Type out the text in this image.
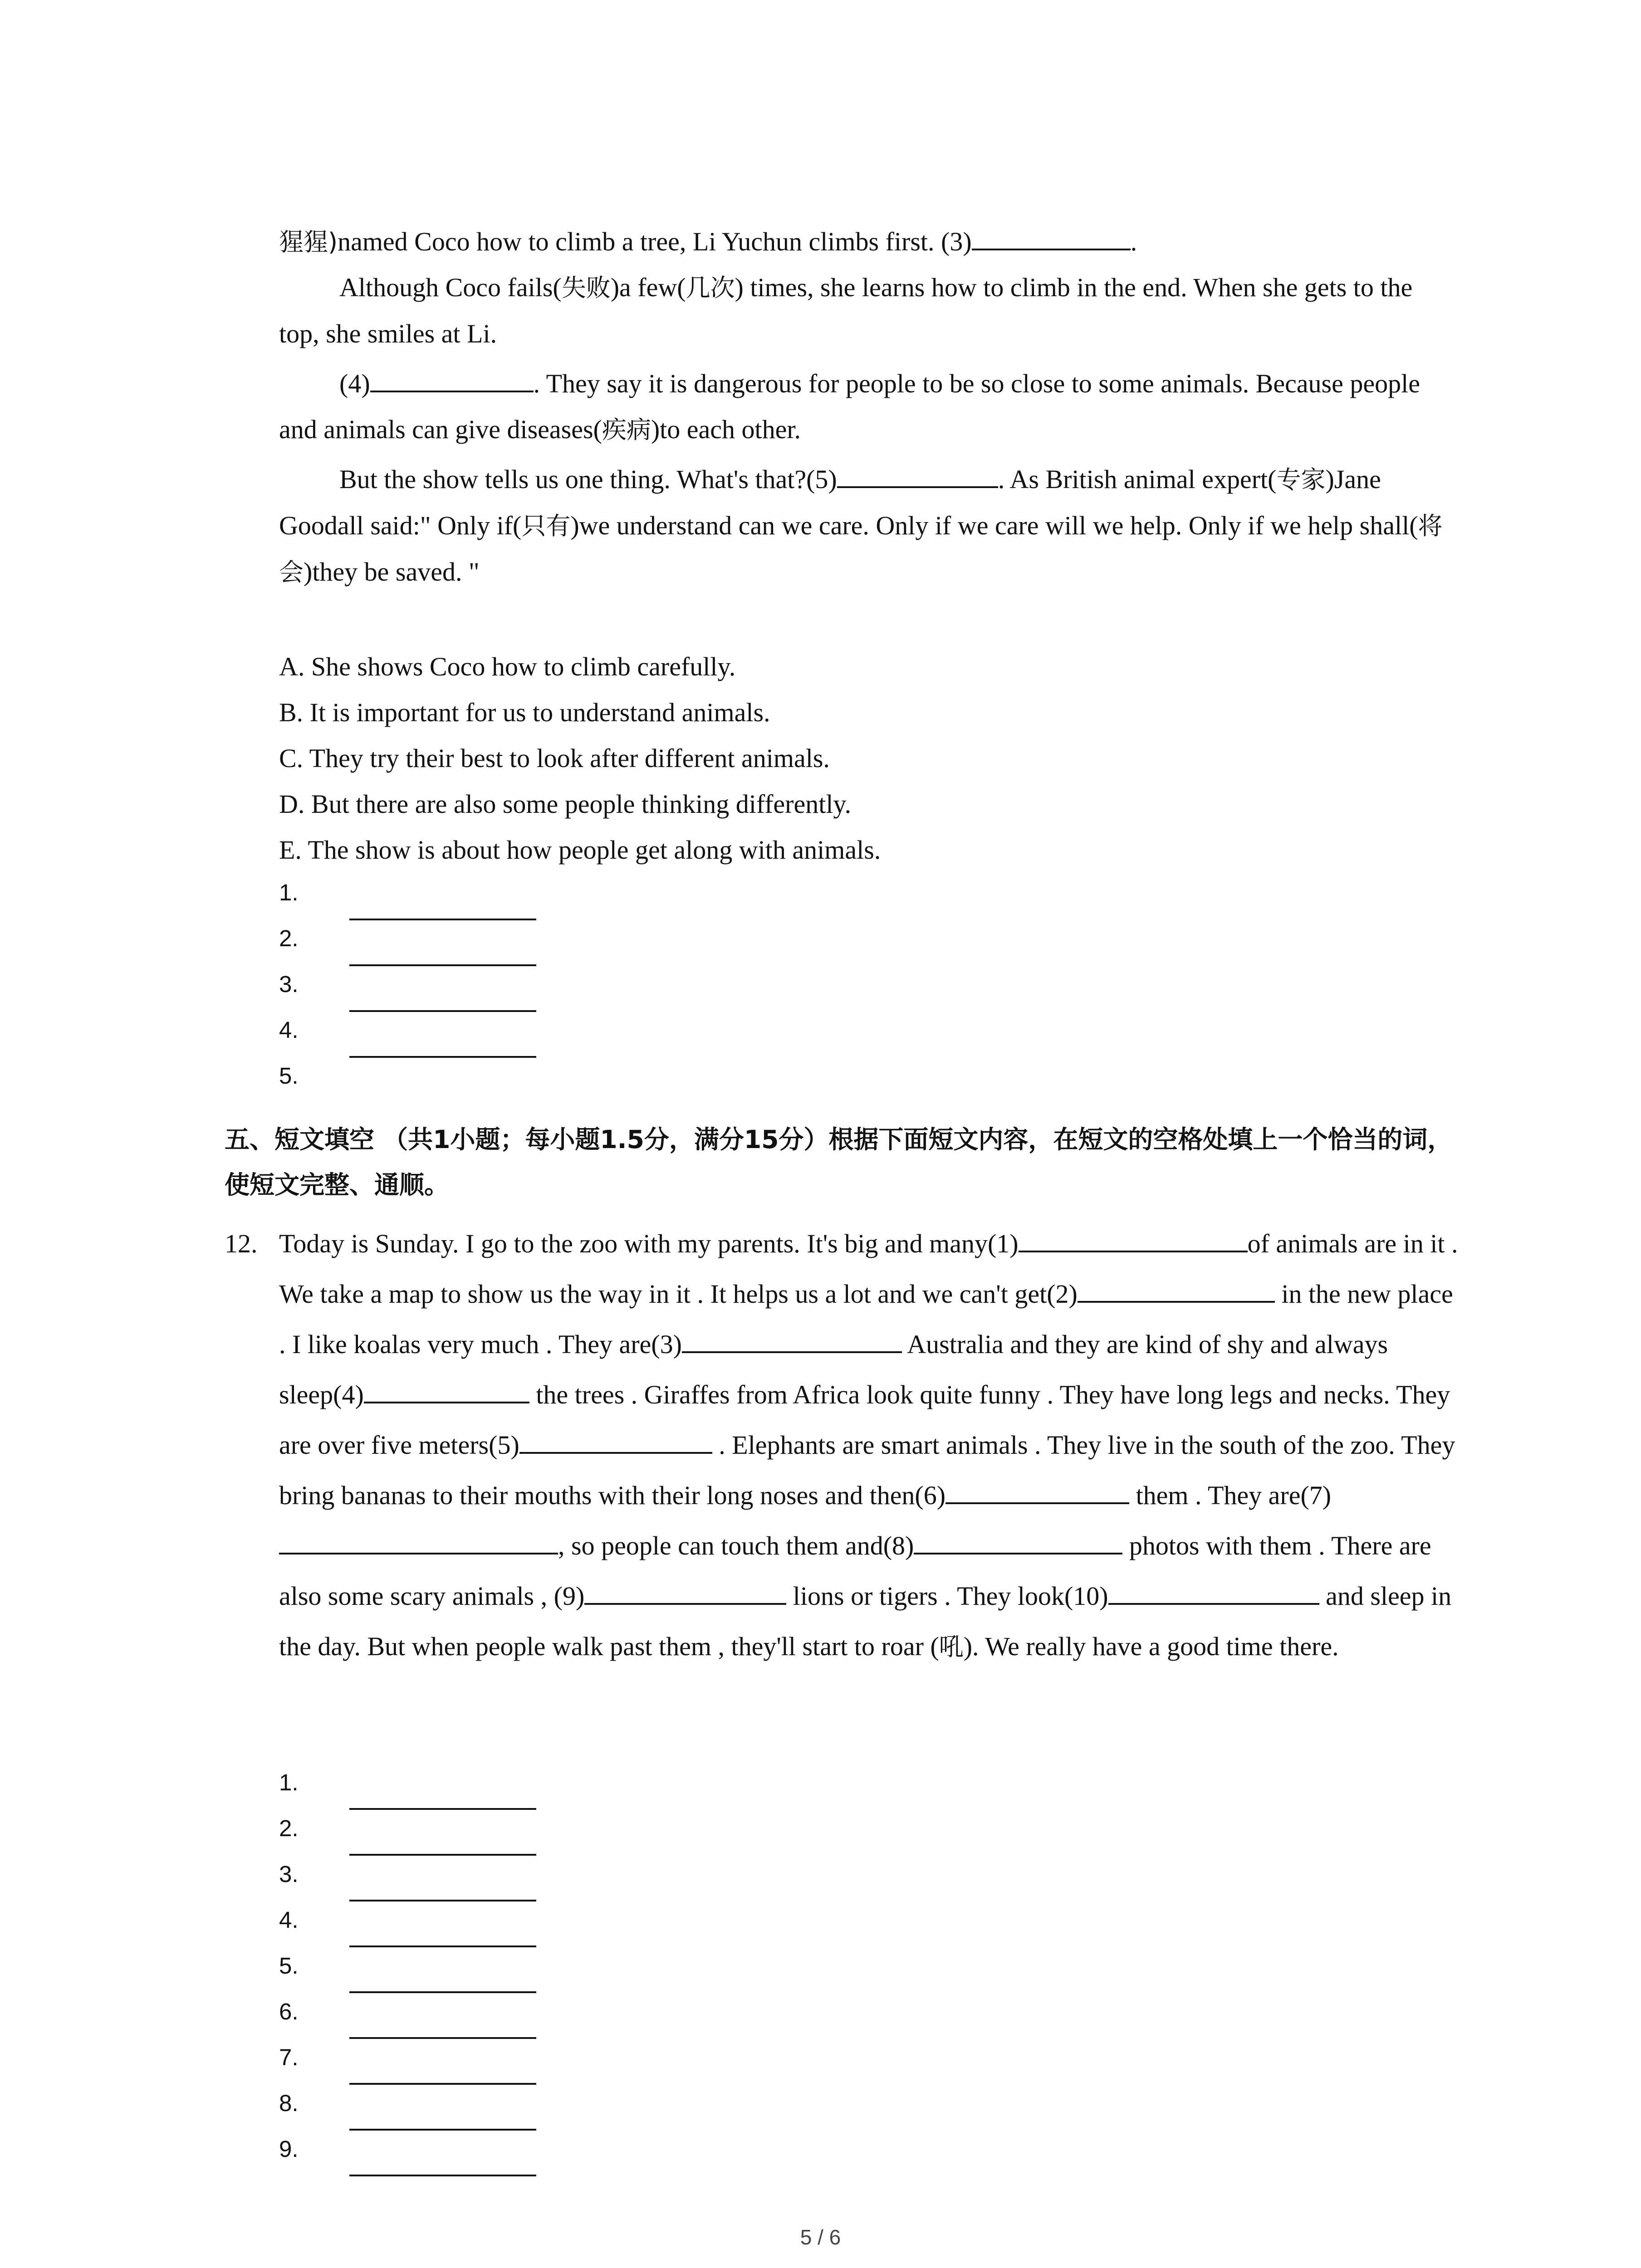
猩猩)named Coco how to climb a tree, Li Yuchun climbs first. (3)	.

Although Coco fails(失败)a few(几次) times, she learns how to climb in the end. When she gets to the top, she smiles at Li.

(4)	. They say it is dangerous for people to be so close to some animals. Because people and animals can give diseases(疾病)to each other.

But the show tells us one thing. What's that?(5)	. As British animal expert(专家)Jane Goodall said:" Only if(只有)we understand can we care. Only if we care will we help. Only if we help shall(将会)they be saved. "

A. She shows Coco how to climb carefully.

B. It is important for us to understand animals.

C. They try their best to look after different animals.

D. But there are also some people thinking differently.

E. The show is about how people get along with animals.

1.
2.
3.
4.
5.

五、短文填空 （共1小题；每小题1.5分，满分15分）根据下面短文内容，在短文的空格处填上一个恰当的词，使短文完整、通顺。

12. Today is Sunday. I go to the zoo with my parents. It's big and many(1)	of animals are in it . We take a map to show us the way in it . It helps us a lot and we can't get(2)	in the new place . I like koalas very much . They are(3)	Australia and they are kind of shy and always sleep(4)	the trees . Giraffes from Africa look quite funny . They have long legs and necks. They are over five meters(5)	. Elephants are smart animals . They live in the south of the zoo. They bring bananas to their mouths with their long noses and then(6)	them . They are(7), so people can touch them and(8)	photos with them . There are also some scary animals , (9)	lions or tigers . They look(10)	and sleep in the day. But when people walk past them , they'll start to roar (吼). We really have a good time there.

1.
2.
3.
4.
5.
6.
7.
8.
9.
5 / 6
